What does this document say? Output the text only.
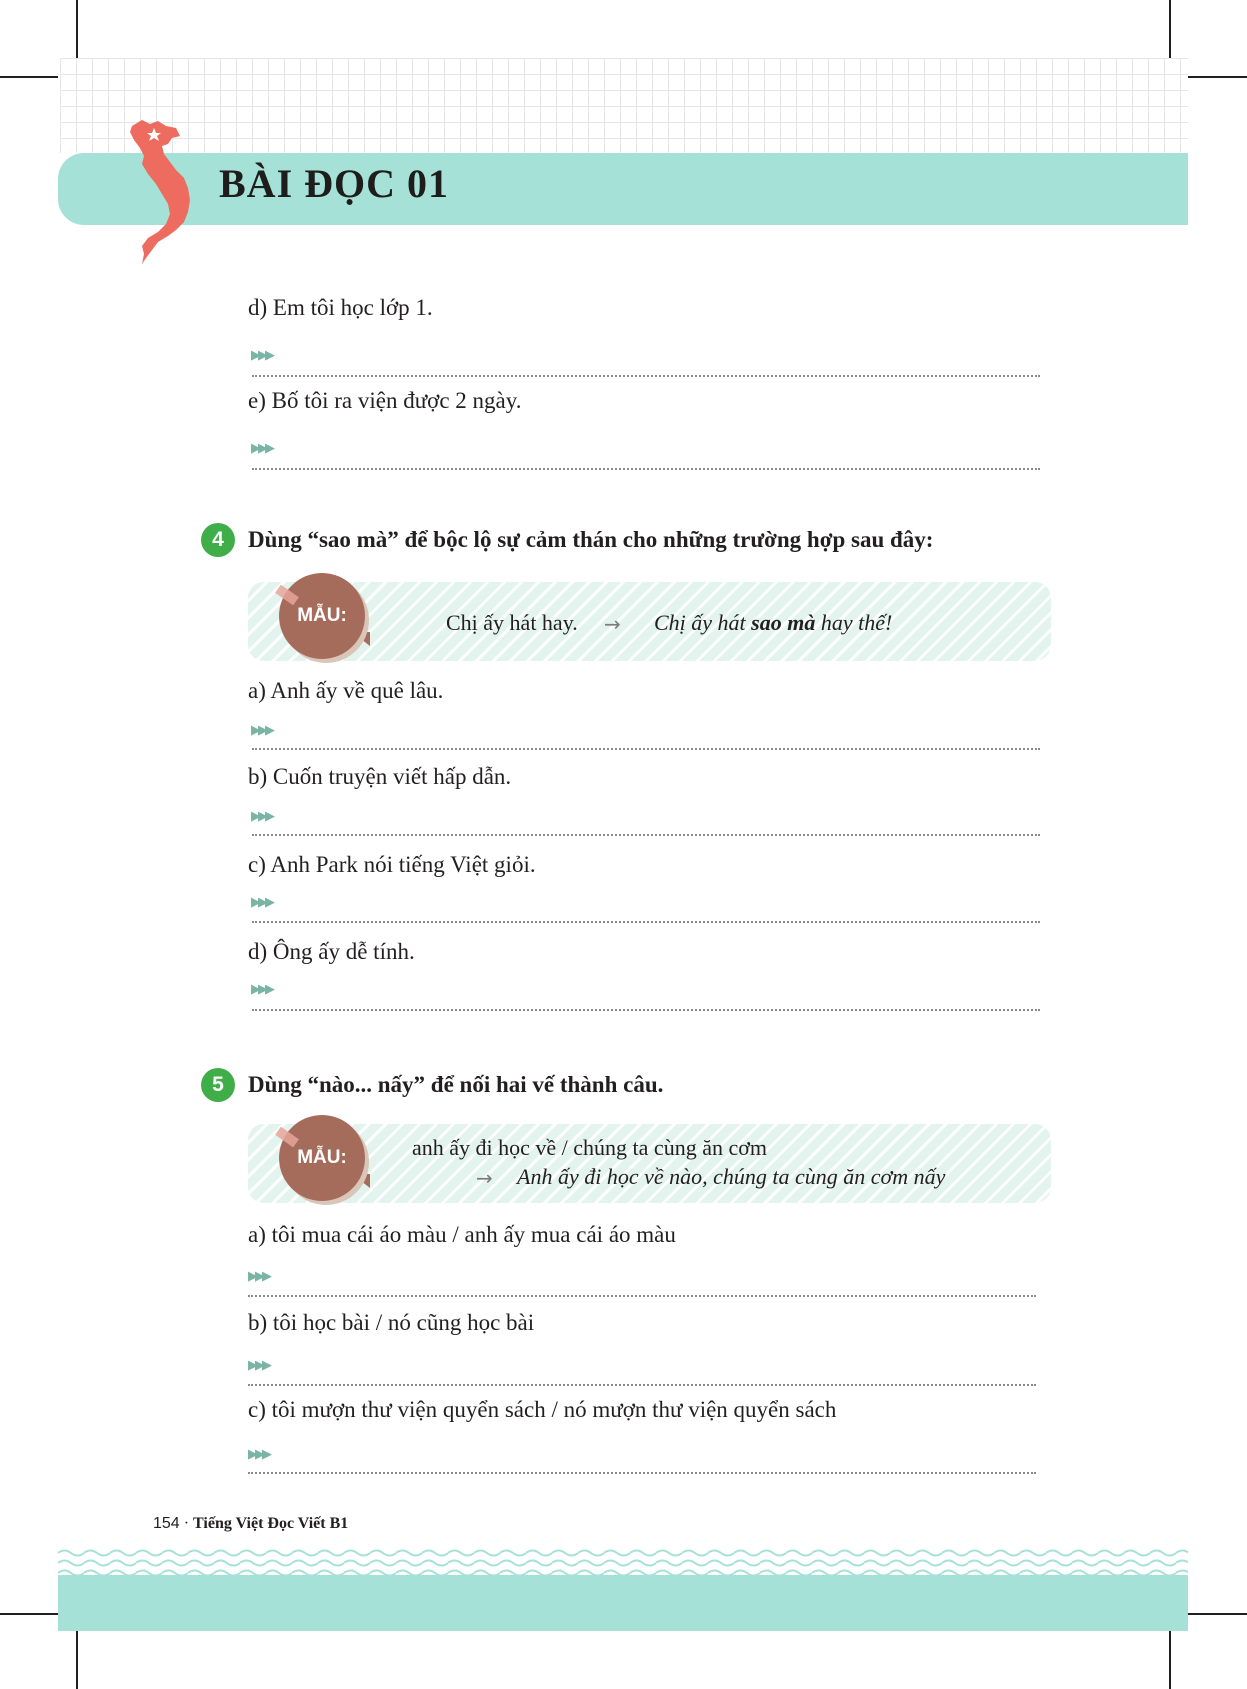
BÀI ĐỌC 01
d) Em tôi học lớp 1.
▶▶▶
e) Bố tôi ra viện được 2 ngày.
▶▶▶
4	Dùng “sao mà” để bộc lộ sự cảm thán cho những trường hợp sau đây:
MẪU:	Chị ấy hát hay. → Chị ấy hát sao mà hay thế!
a) Anh ấy về quê lâu.
▶▶▶
b) Cuốn truyện viết hấp dẫn.
▶▶▶
c) Anh Park nói tiếng Việt giỏi.
▶▶▶
d) Ông ấy dễ tính.
▶▶▶
5	Dùng “nào... nấy” để nối hai vế thành câu.
MẪU:	anh ấy đi học về / chúng ta cùng ăn cơm
→ Anh ấy đi học về nào, chúng ta cùng ăn cơm nấy
a) tôi mua cái áo màu / anh ấy mua cái áo màu
▶▶▶
b) tôi học bài / nó cũng học bài
▶▶▶
c) tôi mượn thư viện quyển sách / nó mượn thư viện quyển sách
▶▶▶
154 · Tiếng Việt Đọc Viết B1
